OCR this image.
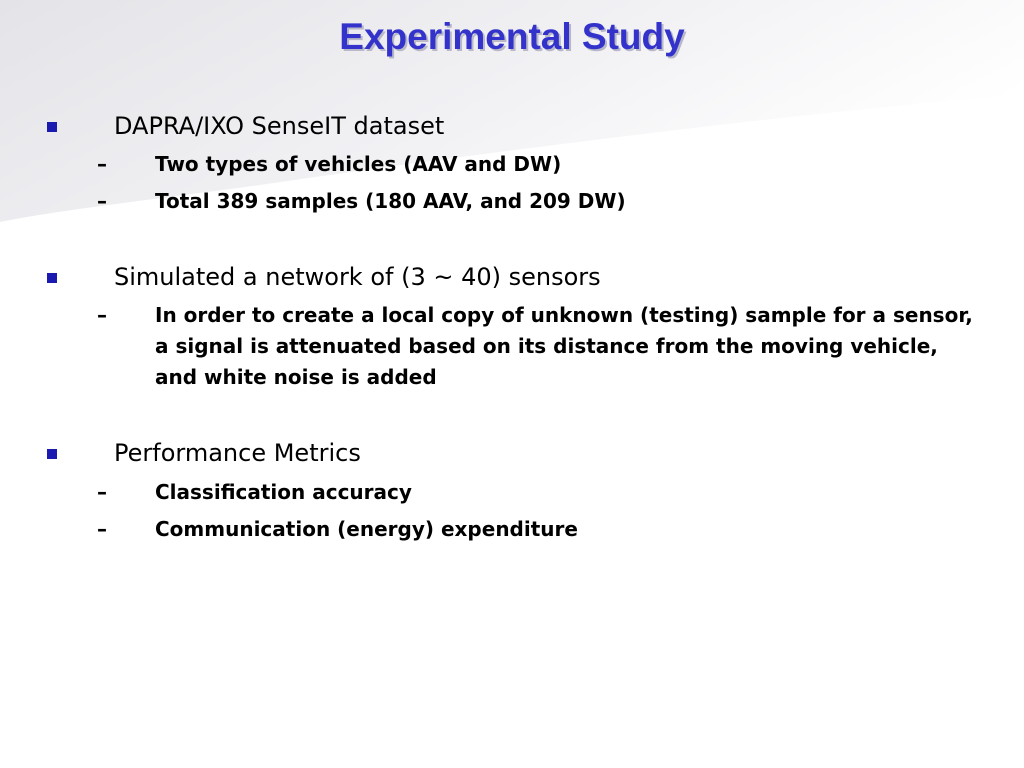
Experimental Study
DAPRA/IXO SenseIT dataset
– Two types of vehicles (AAV and DW)
– Total 389 samples (180 AAV, and 209 DW)
Simulated a network of (3 ~ 40) sensors
– In order to create a local copy of unknown (testing) sample for a sensor, a signal is attenuated based on its distance from the moving vehicle, and white noise is added
Performance Metrics
– Classification accuracy
– Communication (energy) expenditure
